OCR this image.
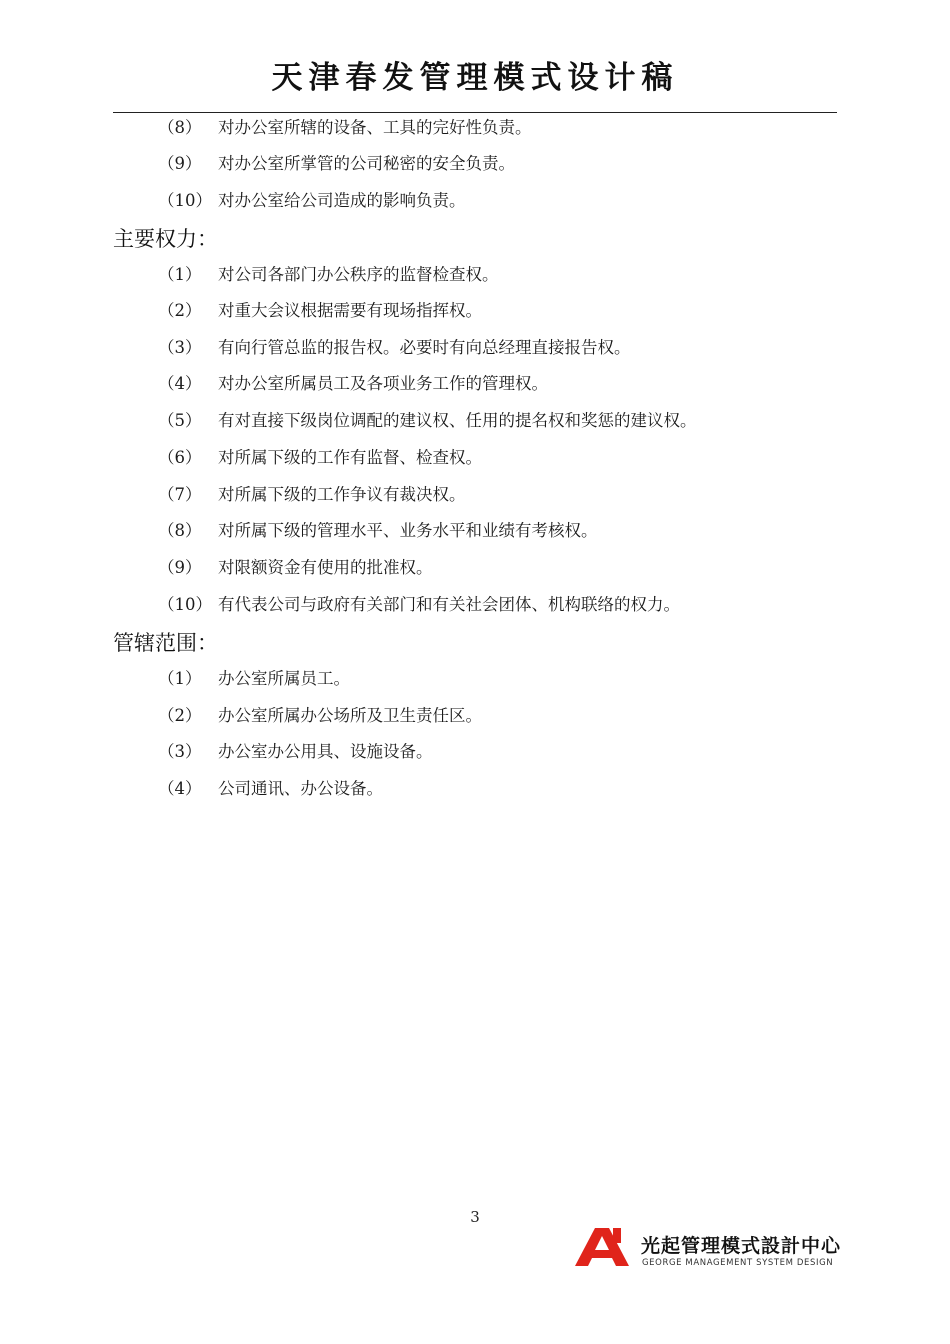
天津春发管理模式设计稿
（8） 对办公室所辖的设备、工具的完好性负责。
（9） 对办公室所掌管的公司秘密的安全负责。
（10） 对办公室给公司造成的影响负责。
主要权力：
（1） 对公司各部门办公秩序的监督检查权。
（2） 对重大会议根据需要有现场指挥权。
（3） 有向行管总监的报告权。必要时有向总经理直接报告权。
（4） 对办公室所属员工及各项业务工作的管理权。
（5） 有对直接下级岗位调配的建议权、任用的提名权和奖惩的建议权。
（6） 对所属下级的工作有监督、检查权。
（7） 对所属下级的工作争议有裁决权。
（8） 对所属下级的管理水平、业务水平和业绩有考核权。
（9） 对限额资金有使用的批准权。
（10） 有代表公司与政府有关部门和有关社会团体、机构联络的权力。
管辖范围：
（1） 办公室所属员工。
（2） 办公室所属办公场所及卫生责任区。
（3） 办公室办公用具、设施设备。
（4） 公司通讯、办公设备。
3
光起管理模式設計中心
GEORGE MANAGEMENT SYSTEM DESIGN
